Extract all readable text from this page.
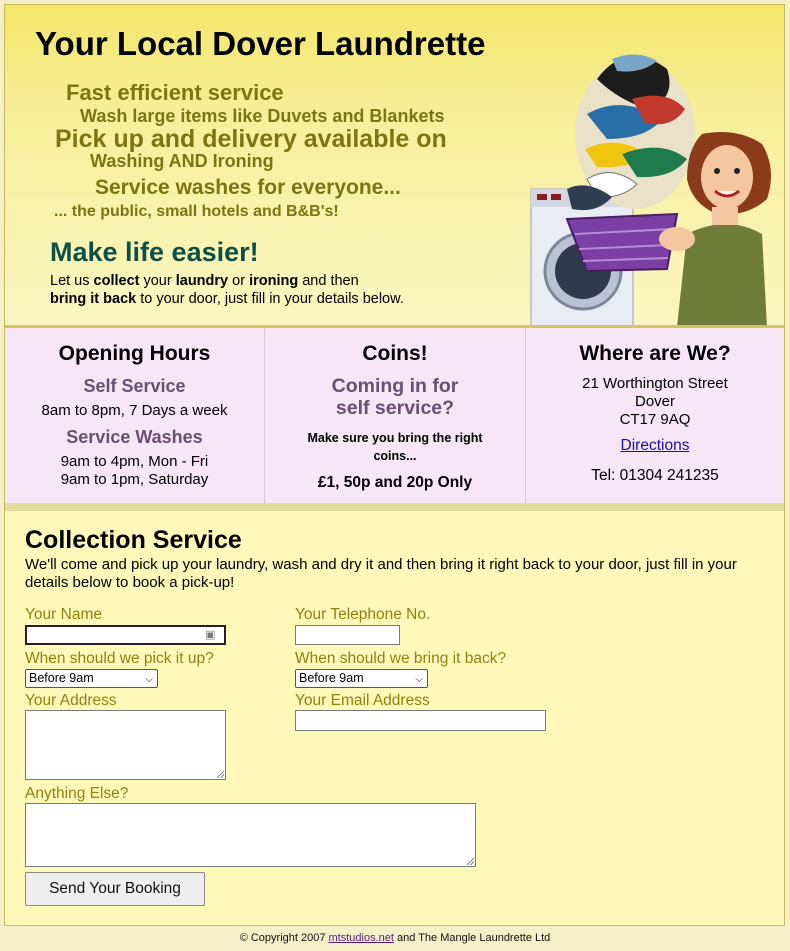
Your Local Dover Laundrette
Fast efficient service
Wash large items like Duvets and Blankets
Pick up and delivery available on
Washing AND Ironing
Service washes for everyone...
... the public, small hotels and B&B's!
Make life easier!
Let us collect your laundry or ironing and then
bring it back to your door, just fill in your details below.
Opening Hours
Self Service
8am to 8pm, 7 Days a week
Service Washes
9am to 4pm, Mon - Fri
9am to 1pm, Saturday
Coins!
Coming in for
self service?
Make sure you bring the right
coins...
£1, 50p and 20p Only
Where are We?
21 Worthington Street
Dover
CT17 9AQ
Directions
Tel: 01304 241235
Collection Service
We'll come and pick up your laundry, wash and dry it and then bring it right back to your door, just fill in your details below to book a pick-up!
Your Name
▣
Your Telephone No.
When should we pick it up?
Before 9am	⌵
When should we bring it back?
Before 9am	⌵
Your Address	Your Email Address
Anything Else?
Send Your Booking
© Copyright 2007 mtstudios.net and The Mangle Laundrette Ltd
